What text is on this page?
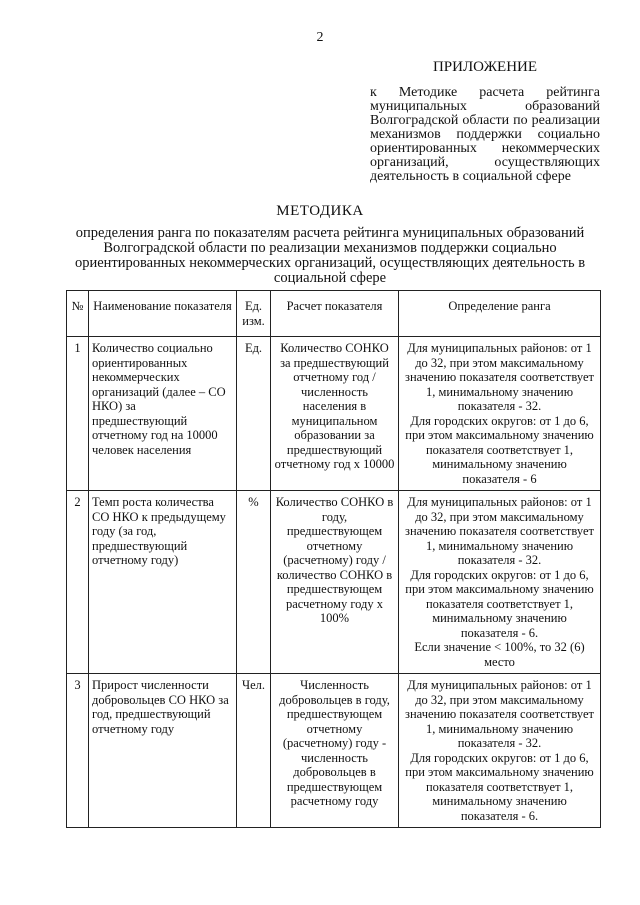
2
ПРИЛОЖЕНИЕ
к Методике расчета рейтинга муниципальных образований Волгоградской области по реализации механизмов поддержки социально ориентированных некоммерческих организаций, осуществляющих деятельность в социальной сфере
МЕТОДИКА
определения ранга по показателям расчета рейтинга муниципальных образований Волгоградской области по реализации механизмов поддержки социально ориентированных некоммерческих организаций, осуществляющих деятельность в социальной сфере
№	Наименование показателя	Ед. изм.	Расчет показателя	Определение ранга
1	Количество социально ориентированных некоммерческих организаций (далее – СО НКО) за предшествующий отчетному год на 10000 человек населения	Ед.	Количество СОНКО за предшествующий отчетному год / численность населения в муниципальном образовании за предшествующий отчетному год х 10000	Для муниципальных районов: от 1 до 32, при этом максимальному значению показателя соответствует 1, минимальному значению показателя - 32.
Для городских округов: от 1 до 6, при этом максимальному значению показателя соответствует 1, минимальному значению показателя - 6

2	Темп роста количества СО НКО к предыдущему году (за год, предшествующий отчетному году)	%	Количество СОНКО в году, предшествующем отчетному (расчетному) году / количество СОНКО в предшествующем расчетному году х 100%	Для муниципальных районов: от 1 до 32, при этом максимальному значению показателя соответствует 1, минимальному значению показателя - 32.
Для городских округов: от 1 до 6, при этом максимальному значению показателя соответствует 1, минимальному значению показателя - 6.
Если значение < 100%, то 32 (6) место

3	Прирост численности добровольцев СО НКО за год, предшествующий отчетному году	Чел.	Численность добровольцев в году, предшествующем отчетному (расчетному) году - численность добровольцев в предшествующем расчетному году	Для муниципальных районов: от 1 до 32, при этом максимальному значению показателя соответствует 1, минимальному значению показателя - 32.
Для городских округов: от 1 до 6, при этом максимальному значению показателя соответствует 1, минимальному значению показателя - 6.
